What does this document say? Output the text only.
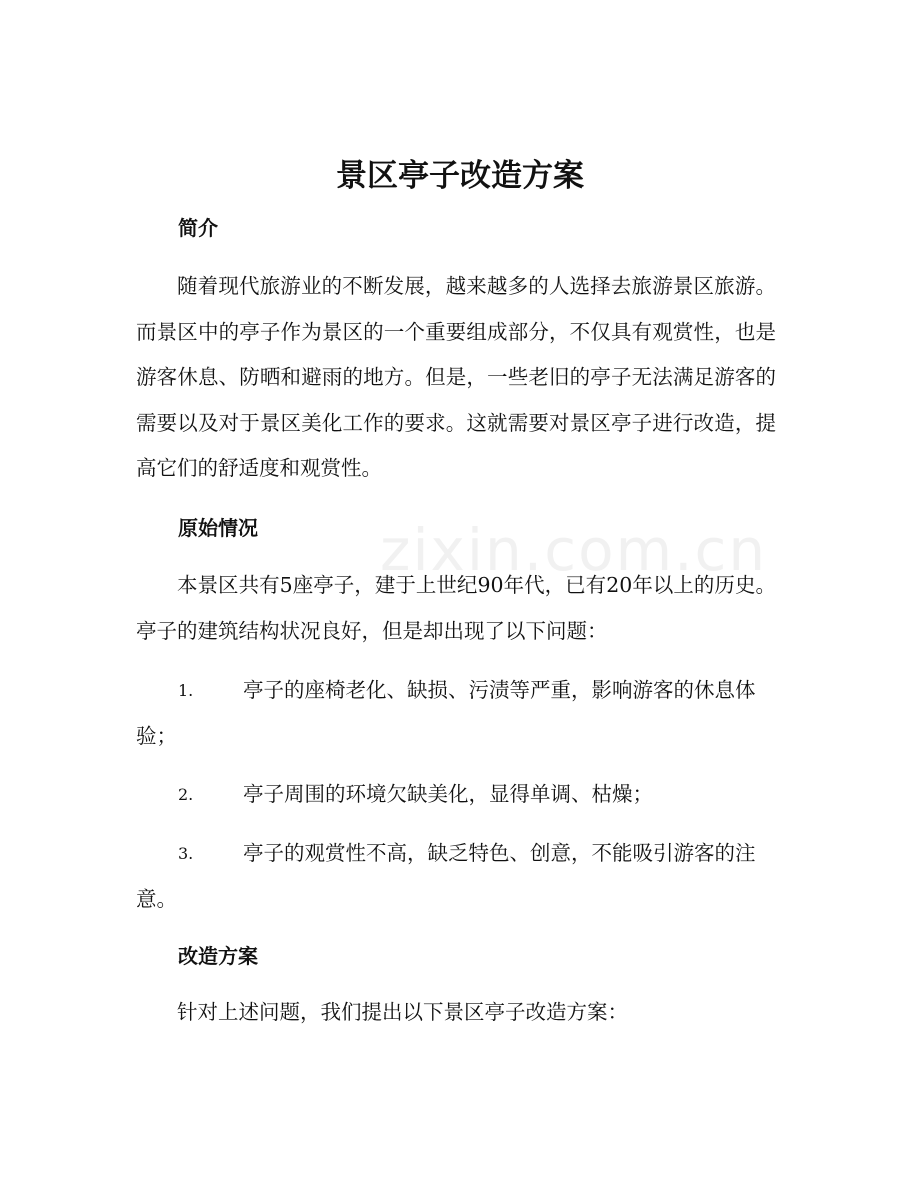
zixin.com.cn
景区亭子改造方案
简介

随着现代旅游业的不断发展，越来越多的人选择去旅游景区旅游。而景区中的亭子作为景区的一个重要组成部分，不仅具有观赏性，也是游客休息、防晒和避雨的地方。但是，一些老旧的亭子无法满足游客的需要以及对于景区美化工作的要求。这就需要对景区亭子进行改造，提高它们的舒适度和观赏性。

原始情况

本景区共有5座亭子，建于上世纪90年代，已有20年以上的历史。亭子的建筑结构状况良好，但是却出现了以下问题：

1.	亭子的座椅老化、缺损、污渍等严重，影响游客的休息体验；
2.	亭子周围的环境欠缺美化，显得单调、枯燥；
3.	亭子的观赏性不高，缺乏特色、创意，不能吸引游客的注意。
改造方案

针对上述问题，我们提出以下景区亭子改造方案：
